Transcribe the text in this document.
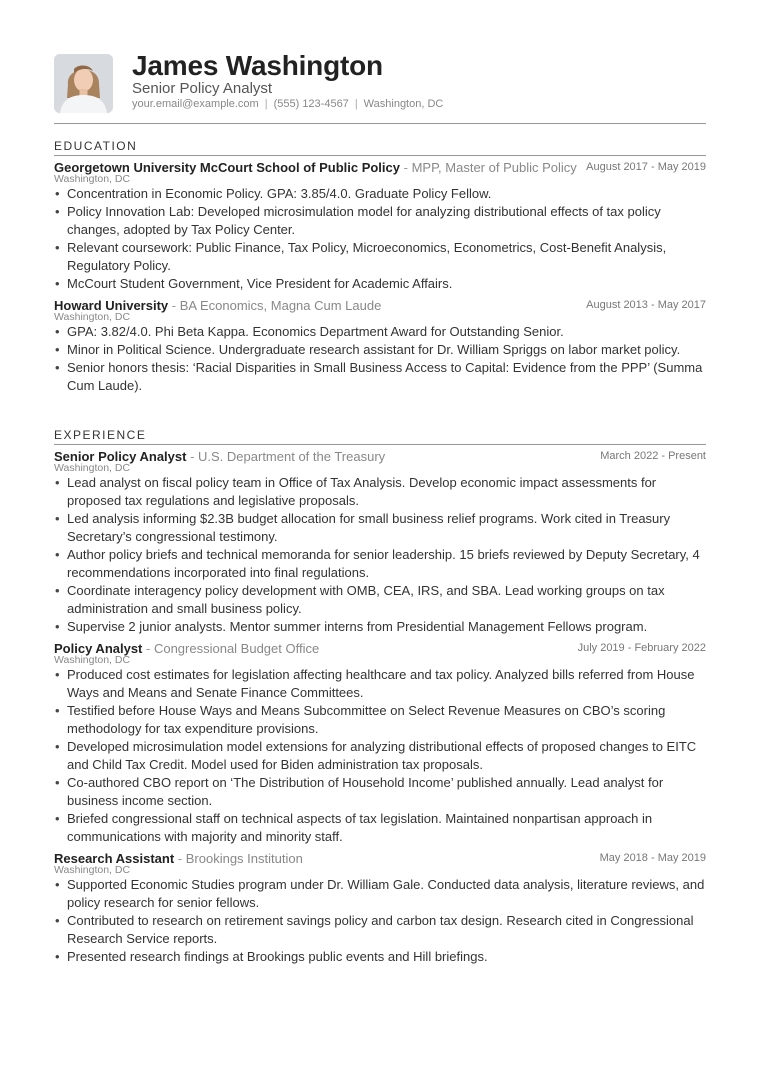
James Washington
Senior Policy Analyst
your.email@example.com | (555) 123-4567 | Washington, DC
EDUCATION
Georgetown University McCourt School of Public Policy - MPP, Master of Public Policy August 2017 - May 2019
Washington, DC
• Concentration in Economic Policy. GPA: 3.85/4.0. Graduate Policy Fellow.
• Policy Innovation Lab: Developed microsimulation model for analyzing distributional effects of tax policy changes, adopted by Tax Policy Center.
• Relevant coursework: Public Finance, Tax Policy, Microeconomics, Econometrics, Cost-Benefit Analysis, Regulatory Policy.
• McCourt Student Government, Vice President for Academic Affairs.
Howard University - BA Economics, Magna Cum Laude	August 2013 - May 2017
Washington, DC
• GPA: 3.82/4.0. Phi Beta Kappa. Economics Department Award for Outstanding Senior.
• Minor in Political Science. Undergraduate research assistant for Dr. William Spriggs on labor market policy.
• Senior honors thesis: ‘Racial Disparities in Small Business Access to Capital: Evidence from the PPP’ (Summa Cum Laude).
EXPERIENCE
Senior Policy Analyst - U.S. Department of the Treasury	March 2022 - Present
Washington, DC
• Lead analyst on fiscal policy team in Office of Tax Analysis. Develop economic impact assessments for proposed tax regulations and legislative proposals.
• Led analysis informing $2.3B budget allocation for small business relief programs. Work cited in Treasury Secretary’s congressional testimony.
• Author policy briefs and technical memoranda for senior leadership. 15 briefs reviewed by Deputy Secretary, 4 recommendations incorporated into final regulations.
• Coordinate interagency policy development with OMB, CEA, IRS, and SBA. Lead working groups on tax administration and small business policy.
• Supervise 2 junior analysts. Mentor summer interns from Presidential Management Fellows program.
Policy Analyst - Congressional Budget Office	July 2019 - February 2022
Washington, DC
• Produced cost estimates for legislation affecting healthcare and tax policy. Analyzed bills referred from House Ways and Means and Senate Finance Committees.
• Testified before House Ways and Means Subcommittee on Select Revenue Measures on CBO’s scoring methodology for tax expenditure provisions.
• Developed microsimulation model extensions for analyzing distributional effects of proposed changes to EITC and Child Tax Credit. Model used for Biden administration tax proposals.
• Co-authored CBO report on ‘The Distribution of Household Income’ published annually. Lead analyst for business income section.
• Briefed congressional staff on technical aspects of tax legislation. Maintained nonpartisan approach in communications with majority and minority staff.
Research Assistant - Brookings Institution	May 2018 - May 2019
Washington, DC
• Supported Economic Studies program under Dr. William Gale. Conducted data analysis, literature reviews, and policy research for senior fellows.
• Contributed to research on retirement savings policy and carbon tax design. Research cited in Congressional Research Service reports.
• Presented research findings at Brookings public events and Hill briefings.
